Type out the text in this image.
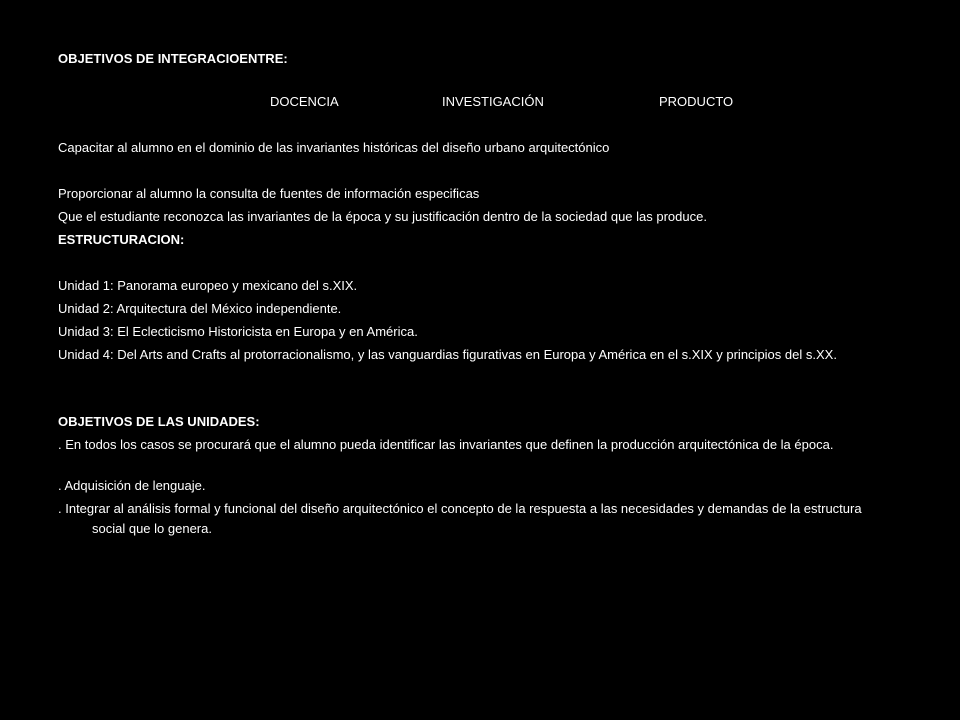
OBJETIVOS DE INTEGRACIOENTRE:
DOCENCIA	INVESTIGACIÓN	PRODUCTO
Capacitar al alumno en el dominio de las invariantes históricas del diseño urbano arquitectónico
Proporcionar al alumno la consulta de fuentes de información especificas
Que el estudiante reconozca las invariantes de la época y su justificación dentro de la sociedad que las produce.
ESTRUCTURACION:
Unidad 1: Panorama europeo y mexicano del s.XIX.
Unidad 2: Arquitectura del México independiente.
Unidad 3: El Eclecticismo Historicista en Europa y en América.
Unidad 4: Del Arts and Crafts al protorracionalismo, y las vanguardias figurativas en Europa y América en el s.XIX y principios del s.XX.
OBJETIVOS DE LAS UNIDADES:
. En todos los casos se procurará que el alumno pueda identificar las invariantes que definen la producción arquitectónica de la época.
. Adquisición de lenguaje.
. Integrar al análisis formal y funcional del diseño arquitectónico el concepto de la respuesta a las necesidades y demandas de la estructura social que lo genera.
